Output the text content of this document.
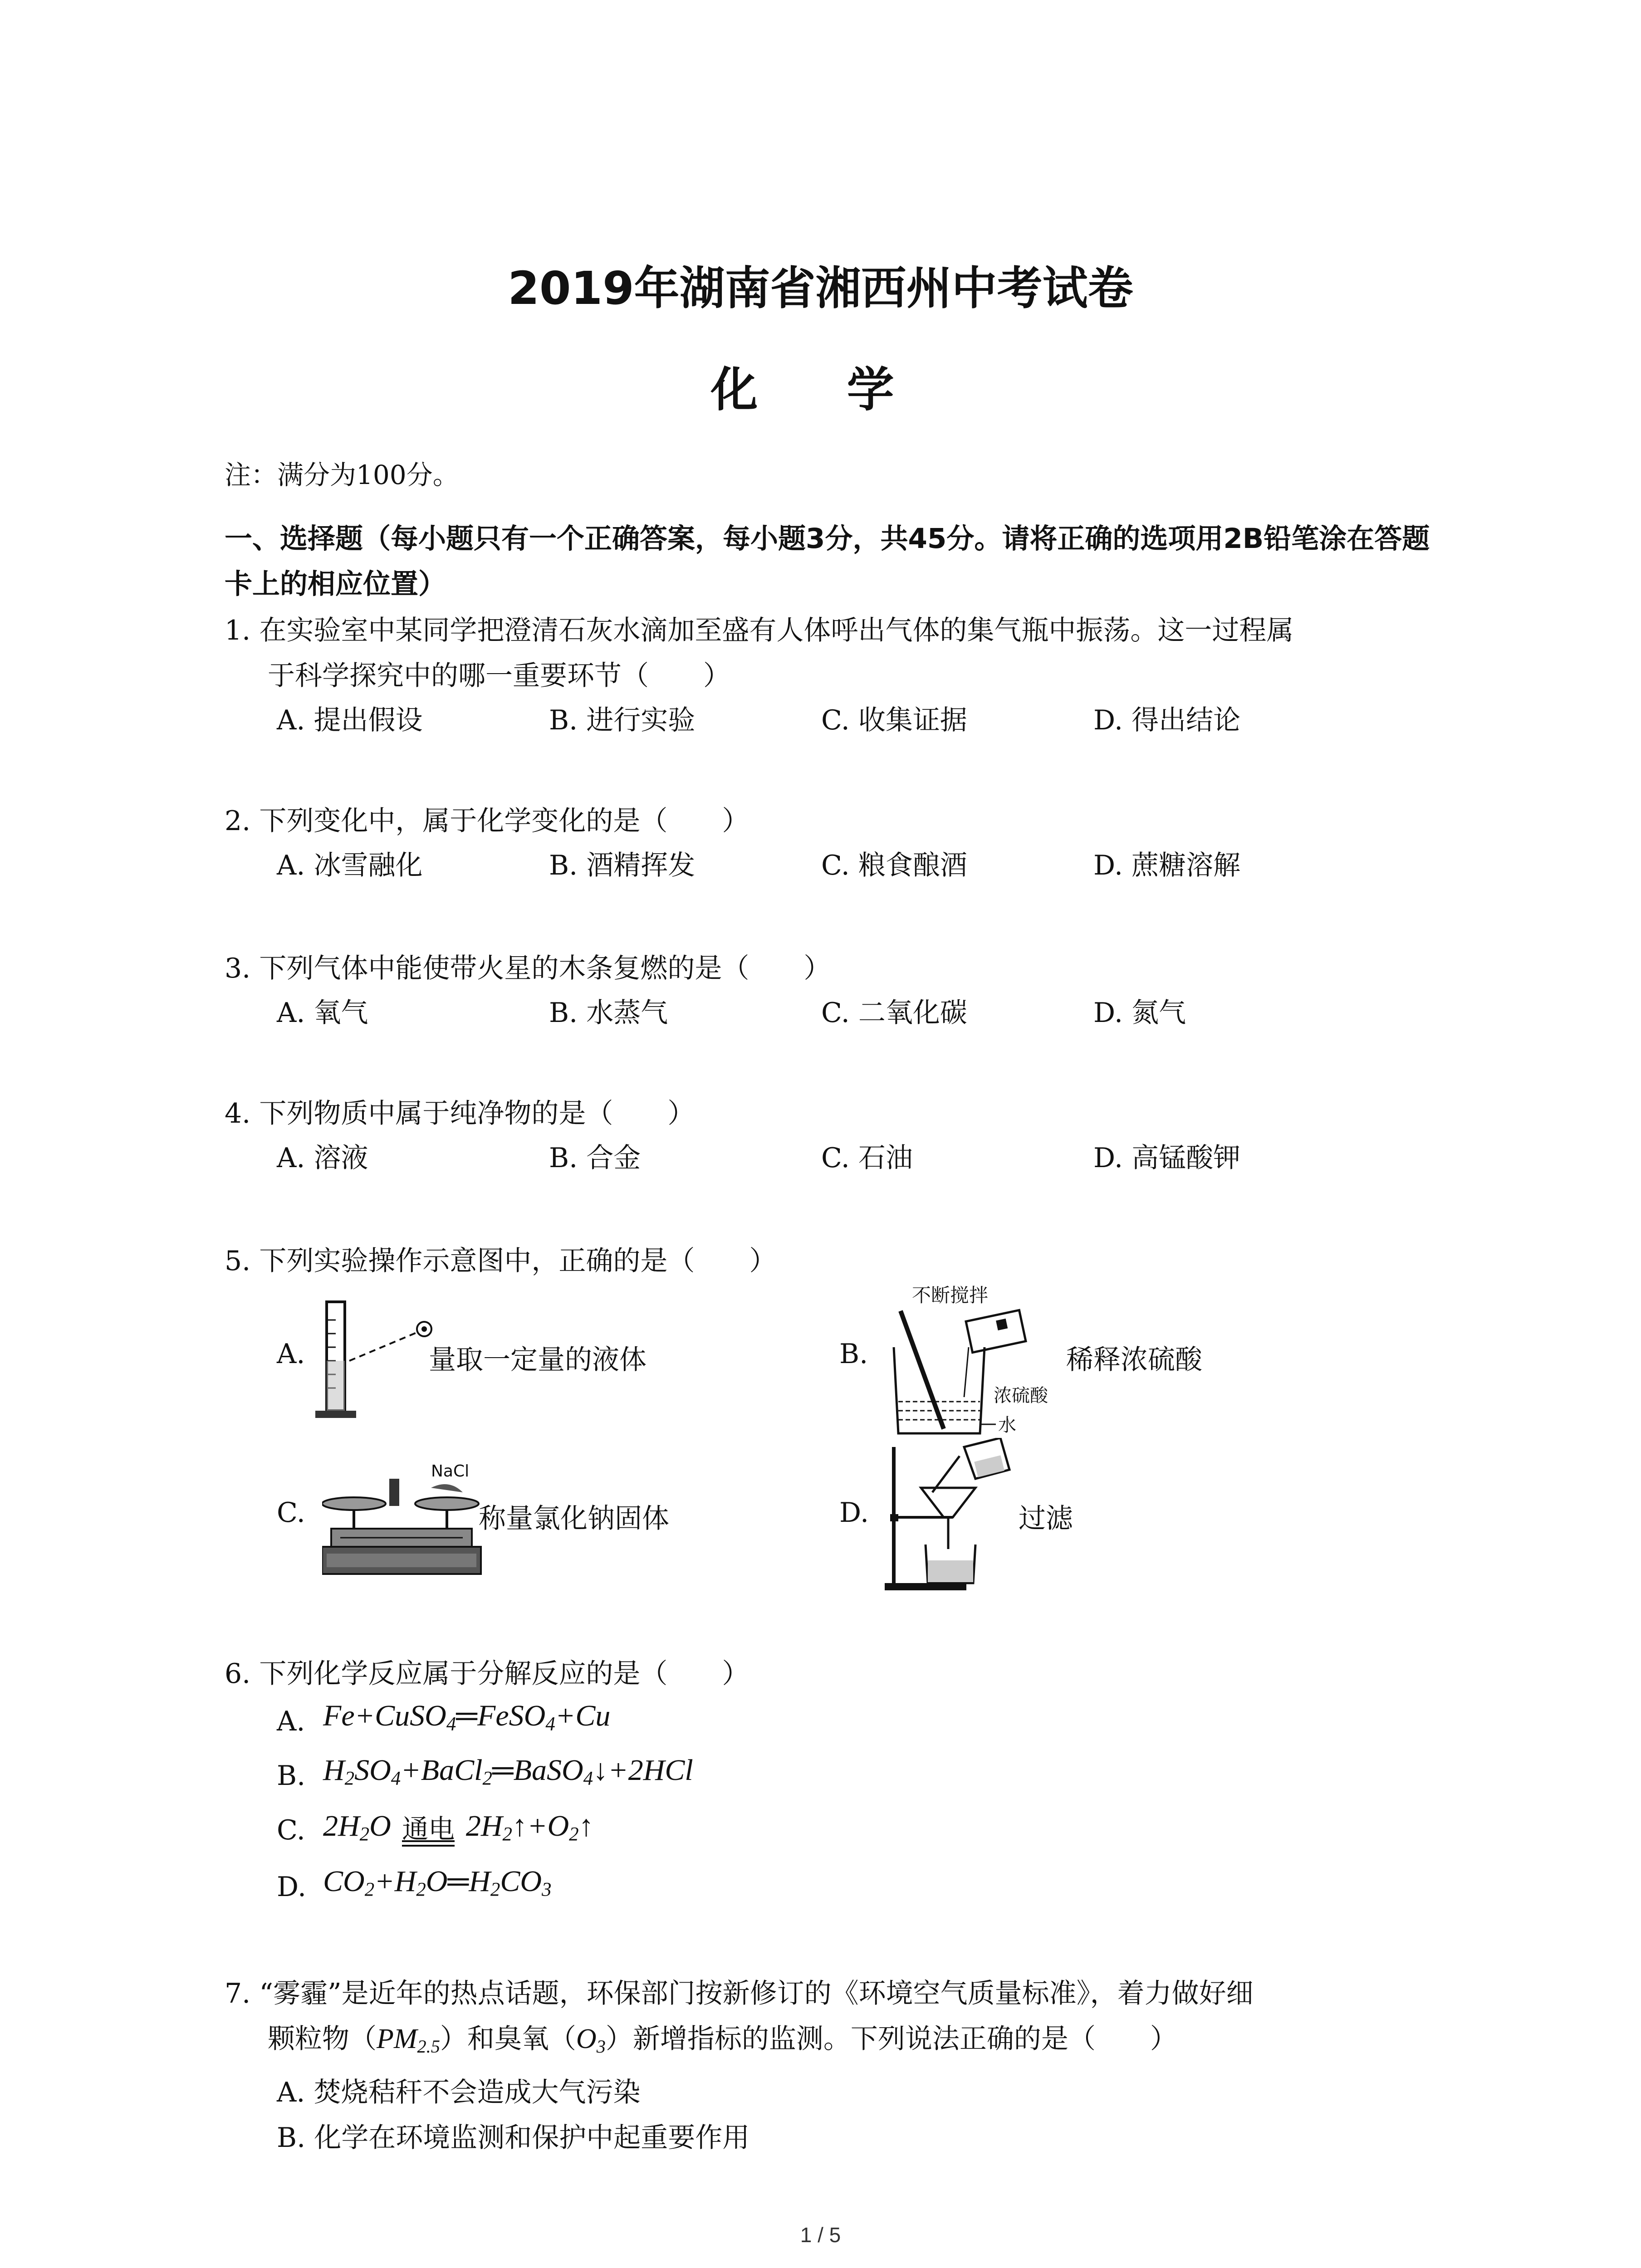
2019年湖南省湘西州中考试卷
化 学
注：满分为100分。
一、选择题（每小题只有一个正确答案，每小题3分，共45分。请将正确的选项用2B铅笔涂在答题卡上的相应位置）
1. 在实验室中某同学把澄清石灰水滴加至盛有人体呼出气体的集气瓶中振荡。这一过程属
于科学探究中的哪一重要环节（　　）
A. 提出假设	B. 进行实验	C. 收集证据	D. 得出结论
2. 下列变化中，属于化学变化的是（　　）
A. 冰雪融化	B. 酒精挥发	C. 粮食酿酒	D. 蔗糖溶解
3. 下列气体中能使带火星的木条复燃的是（　　）
A. 氧气	B. 水蒸气	C. 二氧化碳	D. 氮气
4. 下列物质中属于纯净物的是（　　）
A. 溶液	B. 合金	C. 石油	D. 高锰酸钾
5. 下列实验操作示意图中，正确的是（　　）
A.	量取一定量的液体	B.
不断搅拌
浓硫酸
水
稀释浓硫酸
C.
NaCl
称量氯化钠固体	D.	过滤
6. 下列化学反应属于分解反应的是（　　）
A. Fe+CuSO$_4$═FeSO$_4$+Cu
B. $H_2SO_4+BaCl_2═BaSO_4↓+2HCl$
C. $2H_2O$ 通电 $2H_2↑+O_2↑$
D. $CO_2+H_2O═H_2CO_3$
7. “雾霾”是近年的热点话题，环保部门按新修订的《环境空气质量标准》，着力做好细
颗粒物$(PM_{2.5})$和臭氧$(O_3)$新增指标的监测。下列说法正确的是（　　）
A. 焚烧秸秆不会造成大气污染
B. 化学在环境监测和保护中起重要作用
1 / 5
